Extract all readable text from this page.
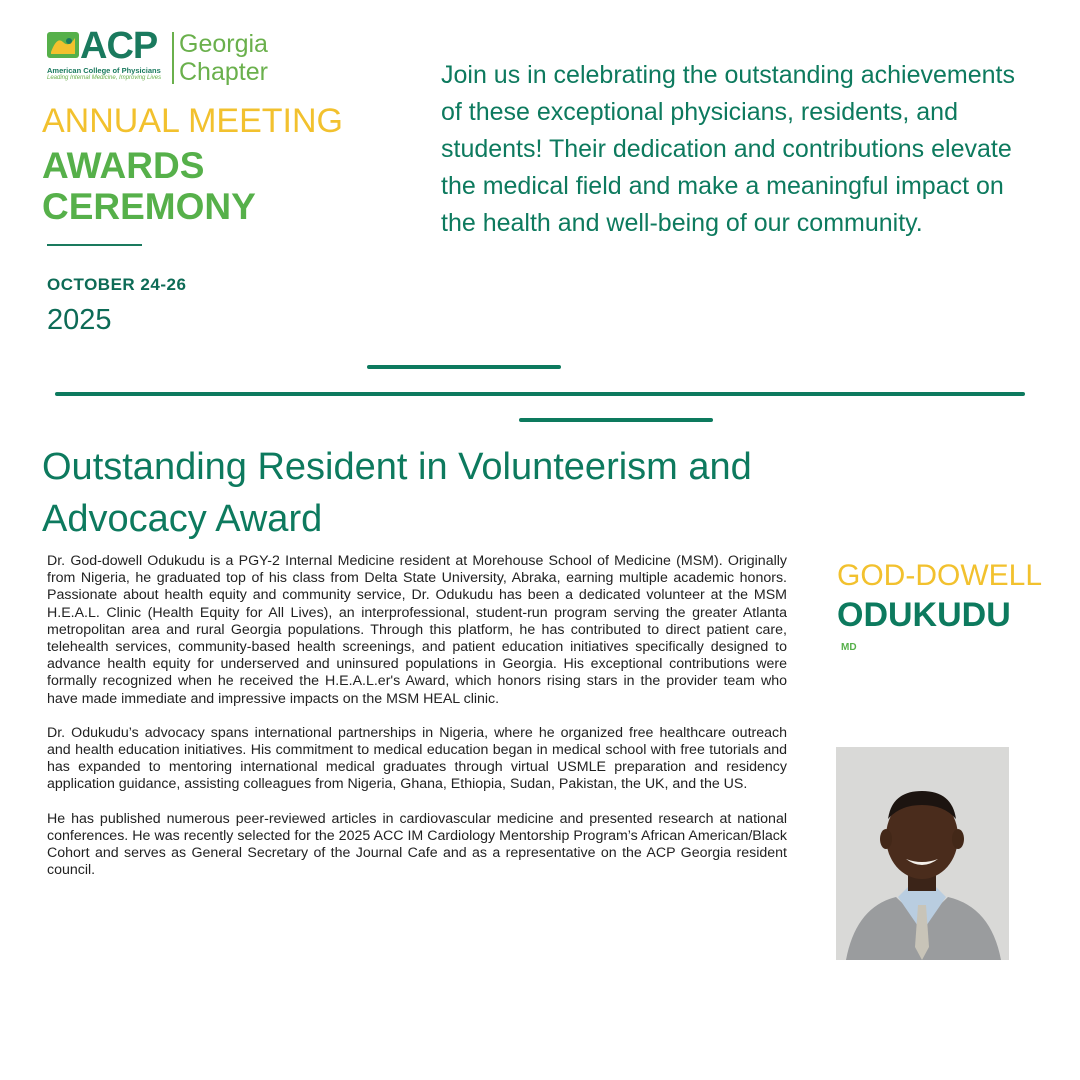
ACP
American College of Physicians
Leading Internal Medicine, Improving Lives
Georgia Chapter
ANNUAL MEETING
AWARDS CEREMONY
OCTOBER 24-26
2025

Join us in celebrating the outstanding achievements of these exceptional physicians, residents, and students! Their dedication and contributions elevate the medical field and make a meaningful impact on the health and well-being of our community.

Outstanding Resident in Volunteerism and Advocacy Award

Dr. God-dowell Odukudu is a PGY-2 Internal Medicine resident at Morehouse School of Medicine (MSM). Originally from Nigeria, he graduated top of his class from Delta State University, Abraka, earning multiple academic honors. Passionate about health equity and community service, Dr. Odukudu has been a dedicated volunteer at the MSM H.E.A.L. Clinic (Health Equity for All Lives), an interprofessional, student-run program serving the greater Atlanta metropolitan area and rural Georgia populations. Through this platform, he has contributed to direct patient care, telehealth services, community-based health screenings, and patient education initiatives specifically designed to advance health equity for underserved and uninsured populations in Georgia. His exceptional contributions were formally recognized when he received the H.E.A.L.er's Award, which honors rising stars in the provider team who have made immediate and impressive impacts on the MSM HEAL clinic.

Dr. Odukudu’s advocacy spans international partnerships in Nigeria, where he organized free healthcare outreach and health education initiatives. His commitment to medical education began in medical school with free tutorials and has expanded to mentoring international medical graduates through virtual USMLE preparation and residency application guidance, assisting colleagues from Nigeria, Ghana, Ethiopia, Sudan, Pakistan, the UK, and the US.

He has published numerous peer-reviewed articles in cardiovascular medicine and presented research at national conferences. He was recently selected for the 2025 ACC IM Cardiology Mentorship Program’s African American/Black Cohort and serves as General Secretary of the Journal Cafe and as a representative on the ACP Georgia resident council.

GOD-DOWELL
ODUKUDU
MD
